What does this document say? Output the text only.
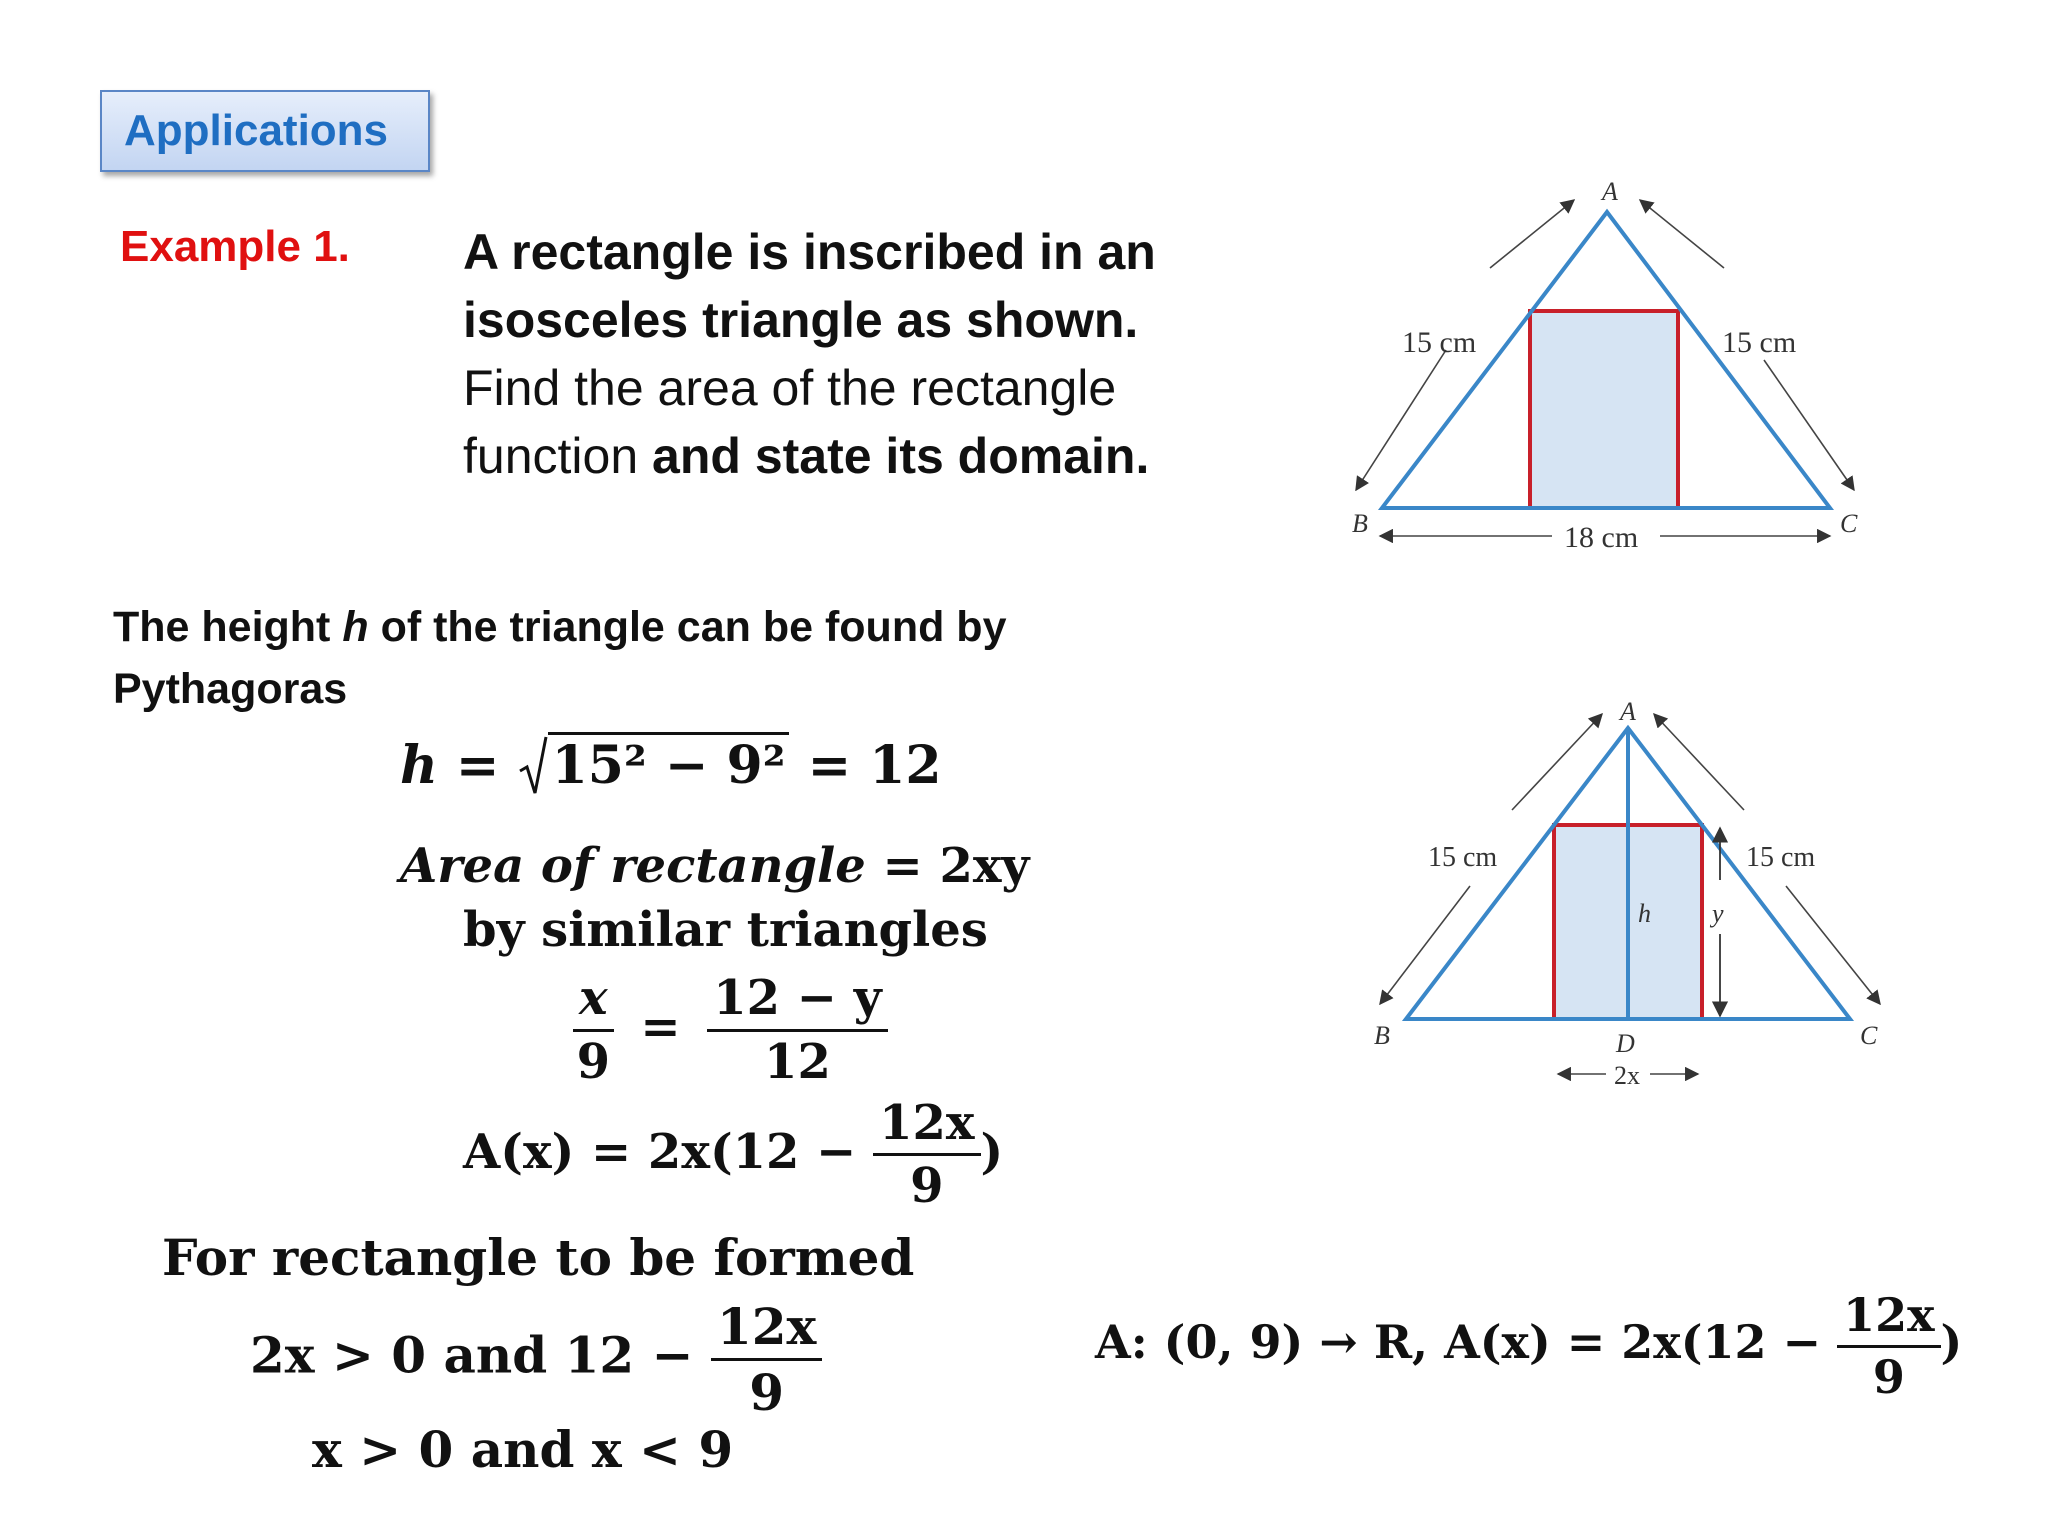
Applications
Example 1. A rectangle is inscribed in an
isosceles triangle as shown.
Find the area of the rectangle
function and state its domain.
The height h of the triangle can be found by
Pythagoras
h = 15² − 9² = 12
Area of rectangle = 2xy
by similar triangles
$\frac{x}{9} = \frac{12 - y}{12}$
$A(x) = 2x(12 - \frac{12x}{9}$ )
For rectangle to be formed
2x > 0 and $12 - \frac{12x}{9}$
x > 0 and x < 9
A: (0, 9) → R, $A(x) = 2x(12 - \frac{12x}{9}$ )
A
B	C
15 cm	15 cm
18 cm
A
B	C
D
15 cm	15 cm
h y
2x
